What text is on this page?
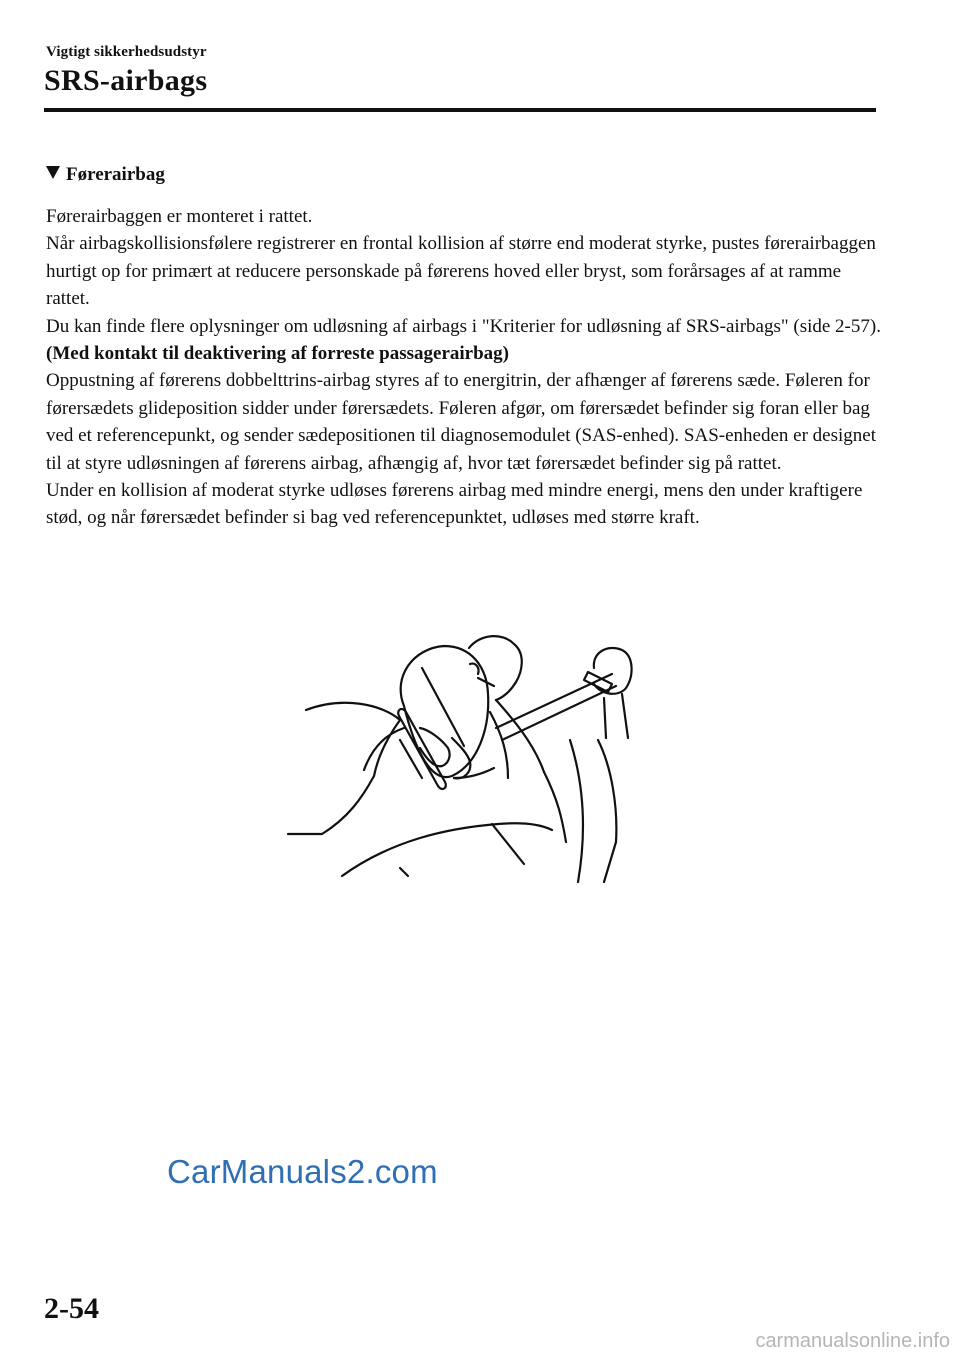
Vigtigt sikkerhedsudstyr
SRS-airbags
Førerairbag

Førerairbaggen er monteret i rattet.

Når airbagskollisionsfølere registrerer en frontal kollision af større end moderat styrke, pustes førerairbaggen hurtigt op for primært at reducere personskade på førerens hoved eller bryst, som forårsages af at ramme rattet.

Du kan finde flere oplysninger om udløsning af airbags i "Kriterier for udløsning af SRS-airbags" (side 2-57).

(Med kontakt til deaktivering af forreste passagerairbag)

Oppustning af førerens dobbelttrins-airbag styres af to energitrin, der afhænger af førerens sæde. Føleren for førersædets glideposition sidder under førersædets. Føleren afgør, om førersædet befinder sig foran eller bag ved et referencepunkt, og sender sædepositionen til diagnosemodulet (SAS-enhed). SAS-enheden er designet til at styre udløsningen af førerens airbag, afhængig af, hvor tæt førersædet befinder sig på rattet.

Under en kollision af moderat styrke udløses førerens airbag med mindre energi, mens den under kraftigere stød, og når førersædet befinder si bag ved referencepunktet, udløses med større kraft.

CarManuals2.com
2-54
carmanualsonline.info
